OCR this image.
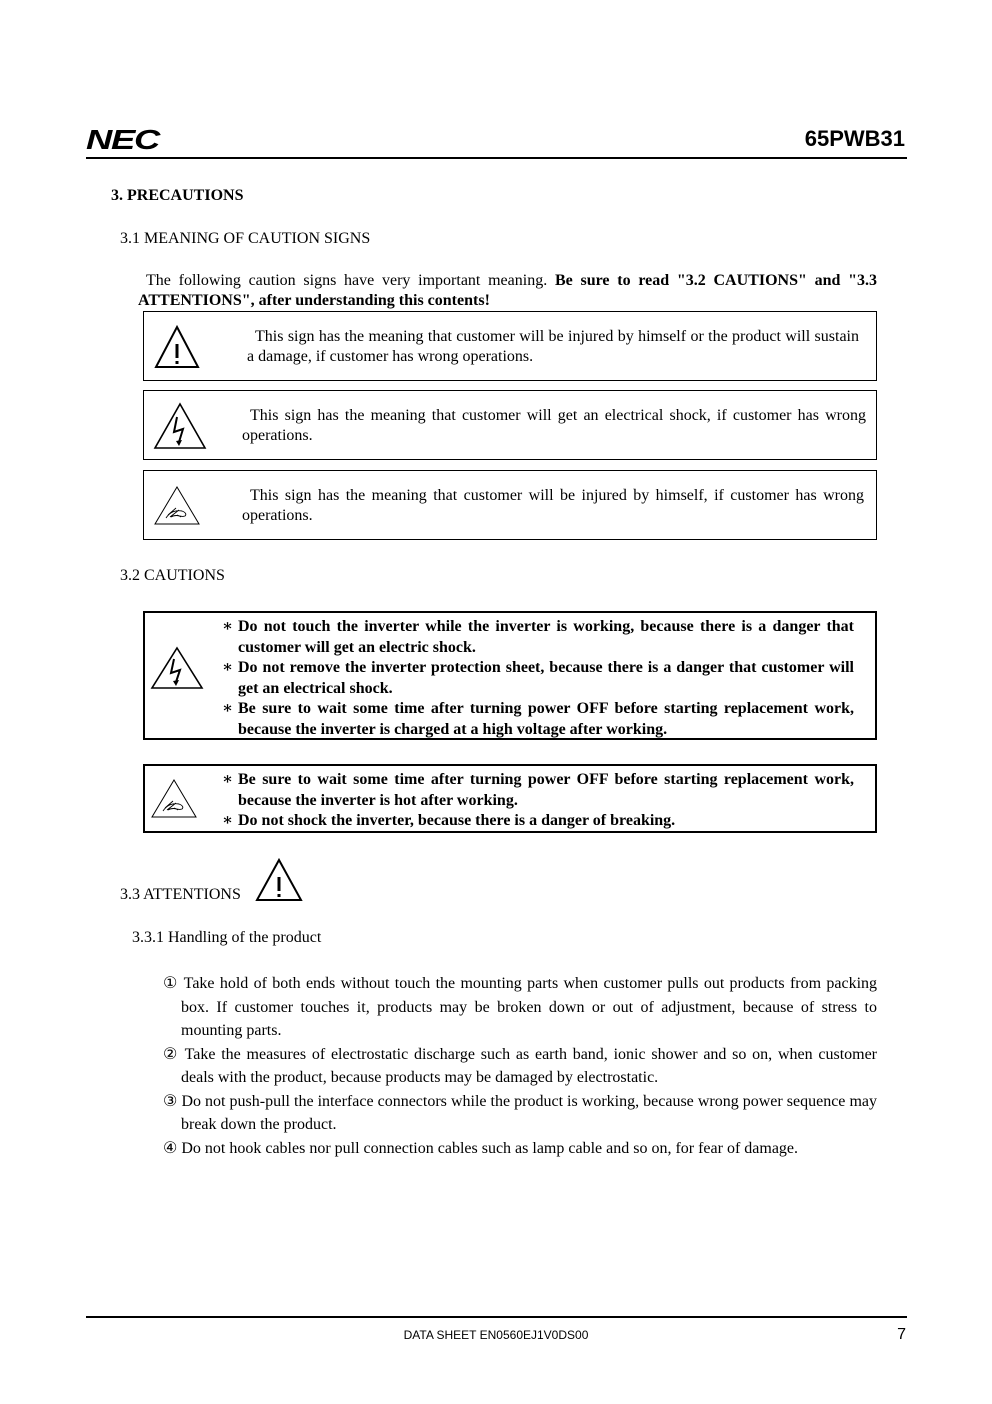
NEC	65PWB31
3. PRECAUTIONS
3.1 MEANING OF CAUTION SIGNS
The following caution signs have very important meaning. Be sure to read "3.2 CAUTIONS" and "3.3 ATTENTIONS", after understanding this contents!
This sign has the meaning that customer will be injured by himself or the product will sustain a damage, if customer has wrong operations.
This sign has the meaning that customer will get an electrical shock, if customer has wrong operations.
This sign has the meaning that customer will be injured by himself, if customer has wrong operations.
3.2 CAUTIONS
∗ Do not touch the inverter while the inverter is working, because there is a danger that customer will get an electric shock.
∗ Do not remove the inverter protection sheet, because there is a danger that customer will get an electrical shock.
∗ Be sure to wait some time after turning power OFF before starting replacement work, because the inverter is charged at a high voltage after working.
∗ Be sure to wait some time after turning power OFF before starting replacement work, because the inverter is hot after working.
∗ Do not shock the inverter, because there is a danger of breaking.
3.3 ATTENTIONS
3.3.1 Handling of the product
① Take hold of both ends without touch the mounting parts when customer pulls out products from packing box. If customer touches it, products may be broken down or out of adjustment, because of stress to mounting parts.
② Take the measures of electrostatic discharge such as earth band, ionic shower and so on, when customer deals with the product, because products may be damaged by electrostatic.
③ Do not push-pull the interface connectors while the product is working, because wrong power sequence may break down the product.
④ Do not hook cables nor pull connection cables such as lamp cable and so on, for fear of damage.
DATA SHEET EN0560EJ1V0DS00	7
